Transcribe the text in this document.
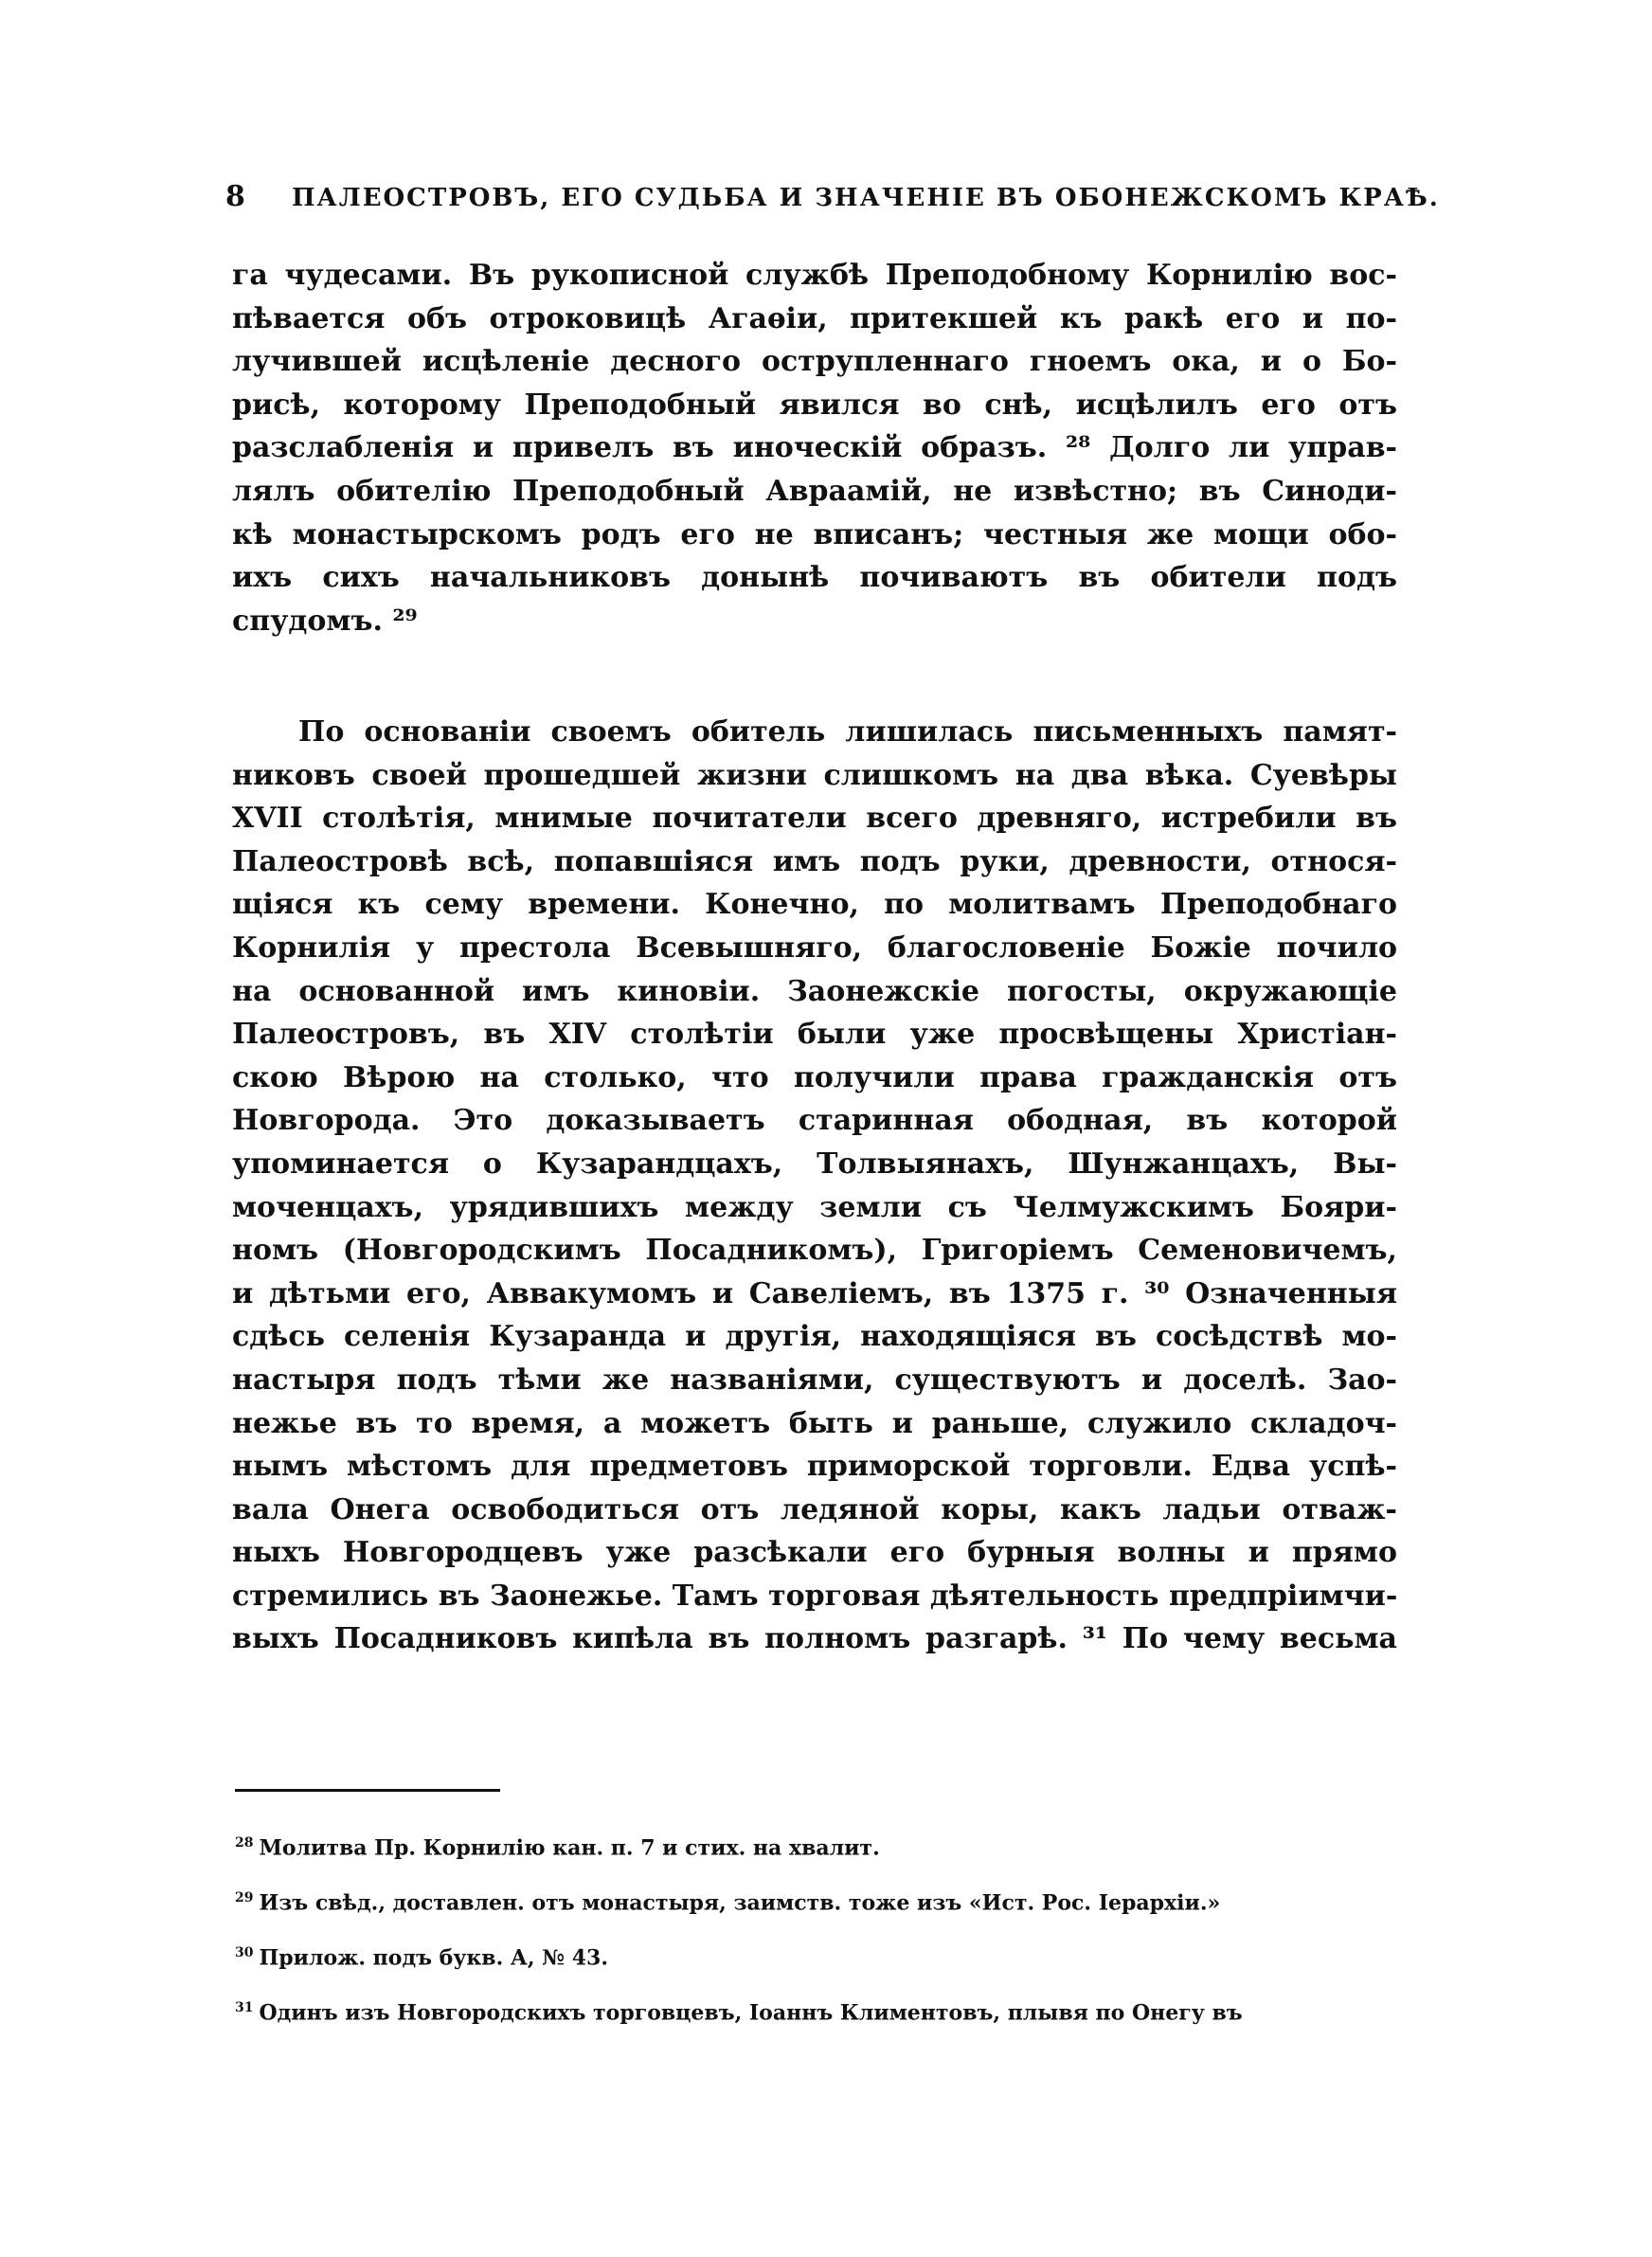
8 ПАЛЕОСТРОВЪ, ЕГО СУДЬБА И ЗНАЧЕНІЕ ВЪ ОБОНЕЖСКОМЪ КРАѢ.
га чудесами. Въ рукописной службѣ Преподобному Корнилію вос-
пѣвается объ отроковицѣ Агаѳіи, притекшей къ ракѣ его и по-
лучившей исцѣленіе десного острупленнаго гноемъ ока, и о Бо-
рисѣ, которому Преподобный явился во снѣ, исцѣлилъ его отъ
разслабленія и привелъ въ иноческій образъ. ²⁸ Долго ли управ-
лялъ обителію Преподобный Авраамій, не извѣстно; въ Синоди-
кѣ монастырскомъ родъ его не вписанъ; честныя же мощи обо-
ихъ сихъ начальниковъ донынѣ почиваютъ въ обители подъ
спудомъ. ²⁹
По основаніи своемъ обитель лишилась письменныхъ памят-
никовъ своей прошедшей жизни слишкомъ на два вѣка. Суевѣры
XVII столѣтія, мнимые почитатели всего древняго, истребили въ
Палеостровѣ всѣ, попавшіяся имъ подъ руки, древности, относя-
щіяся къ сему времени. Конечно, по молитвамъ Преподобнаго
Корнилія у престола Всевышняго, благословеніе Божіе почило
на основанной имъ киновіи. Заонежскіе погосты, окружающіе
Палеостровъ, въ XIV столѣтіи были уже просвѣщены Христіан-
скою Вѣрою на столько, что получили права гражданскія отъ
Новгорода. Это доказываетъ старинная ободная, въ которой
упоминается о Кузарандцахъ, Толвыянахъ, Шунжанцахъ, Вы-
моченцахъ, урядившихъ между земли съ Челмужскимъ Бояри-
номъ (Новгородскимъ Посадникомъ), Григоріемъ Семеновичемъ,
и дѣтьми его, Аввакумомъ и Савеліемъ, въ 1375 г. ³⁰ Означенныя
сдѣсь селенія Кузаранда и другія, находящіяся въ сосѣдствѣ мо-
настыря подъ тѣми же названіями, существуютъ и доселѣ. Зао-
нежье въ то время, а можетъ быть и раньше, служило складоч-
нымъ мѣстомъ для предметовъ приморской торговли. Едва успѣ-
вала Онега освободиться отъ ледяной коры, какъ ладьи отваж-
ныхъ Новгородцевъ уже разсѣкали его бурныя волны и прямо
стремились въ Заонежье. Тамъ торговая дѣятельность предпріимчи-
выхъ Посадниковъ кипѣла въ полномъ разгарѣ. ³¹ По чему весьма
$^{28}$ Молитва Пр. Корнилію кан. п. 7 и стих. на хвалит.
$^{29}$ Изъ свѣд., доставлен. отъ монастыря, заимств. тоже изъ «Ист. Рос. Іерархіи.»
$^{30}$ Прилож. подъ букв. А, № 43.
$^{31}$ Одинъ изъ Новгородскихъ торговцевъ, Іоаннъ Климентовъ, плывя по Онегу въ
